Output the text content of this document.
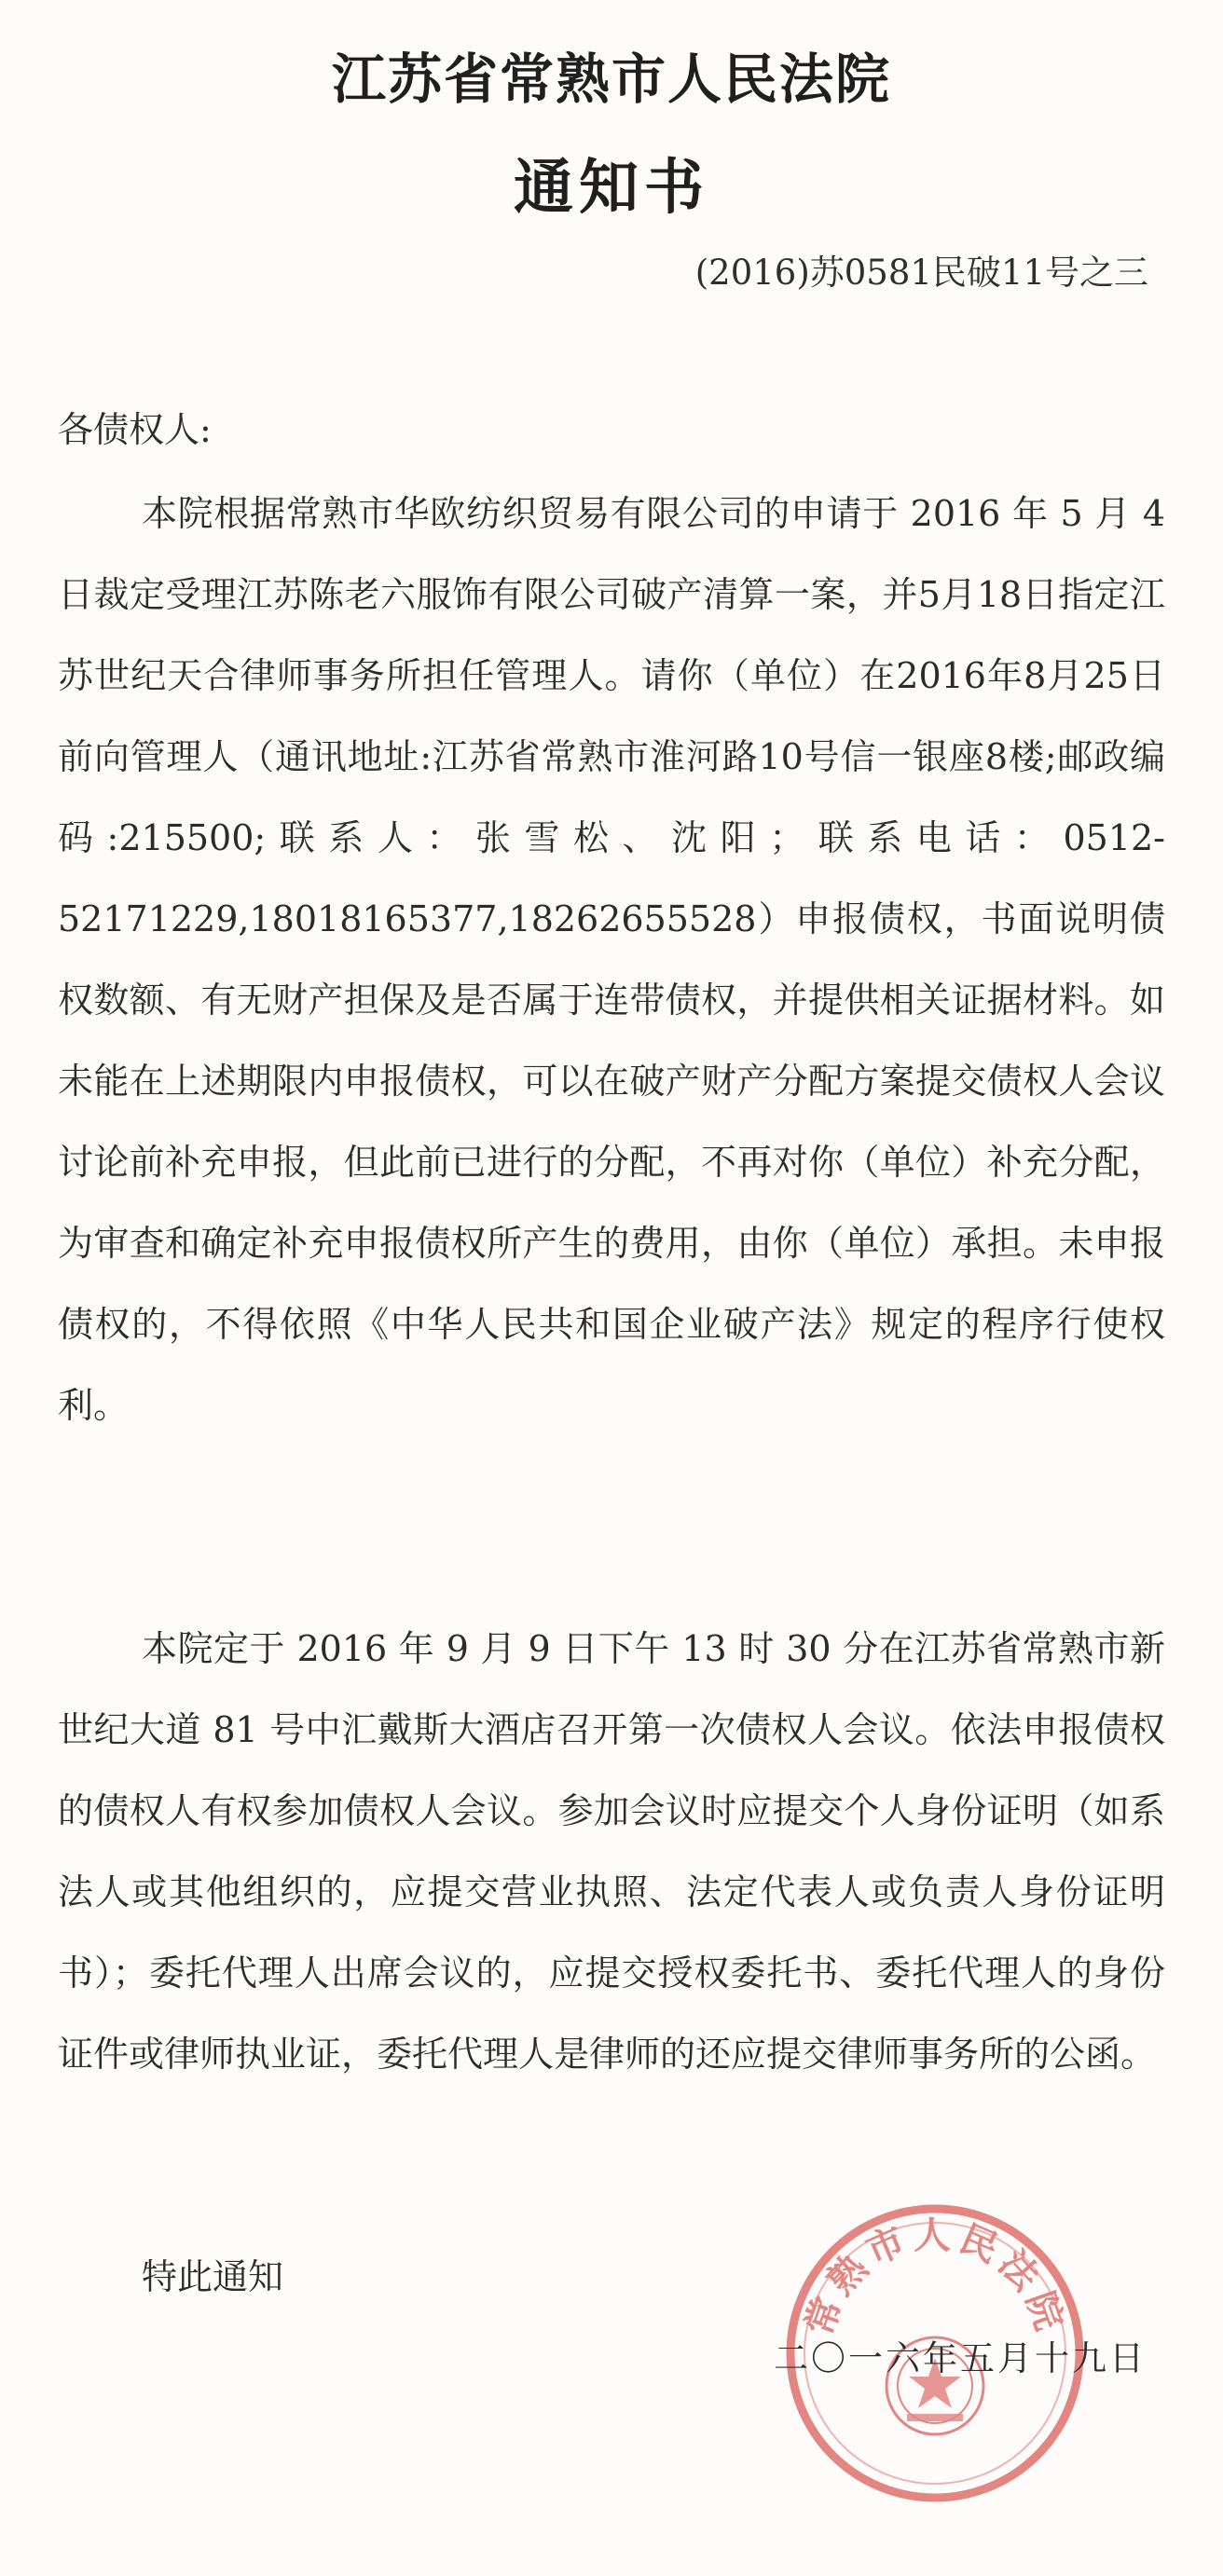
江苏省常熟市人民法院
通知书
(2016)苏0581民破11号之三
各债权人:

本院根据常熟市华欧纺织贸易有限公司的申请于 2016 年 5 月 4 日裁定受理江苏陈老六服饰有限公司破产清算一案，并5月18日指定江苏世纪天合律师事务所担任管理人。请你（单位）在2016年8月25日前向管理人（通讯地址:江苏省常熟市淮河路10号信一银座8楼;邮政编码:215500;联系人：张雪松、沈阳；联系电话：0512-52171229,18018165377,18262655528）申报债权，书面说明债权数额、有无财产担保及是否属于连带债权，并提供相关证据材料。如未能在上述期限内申报债权，可以在破产财产分配方案提交债权人会议讨论前补充申报，但此前已进行的分配，不再对你（单位）补充分配，为审查和确定补充申报债权所产生的费用，由你（单位）承担。未申报债权的，不得依照《中华人民共和国企业破产法》规定的程序行使权利。

本院定于 2016 年 9 月 9 日下午 13 时 30 分在江苏省常熟市新世纪大道 81 号中汇戴斯大酒店召开第一次债权人会议。依法申报债权的债权人有权参加债权人会议。参加会议时应提交个人身份证明（如系法人或其他组织的，应提交营业执照、法定代表人或负责人身份证明书）；委托代理人出席会议的，应提交授权委托书、委托代理人的身份证件或律师执业证，委托代理人是律师的还应提交律师事务所的公函。

特此通知
常熟市人民法院
二〇一六年五月十九日
